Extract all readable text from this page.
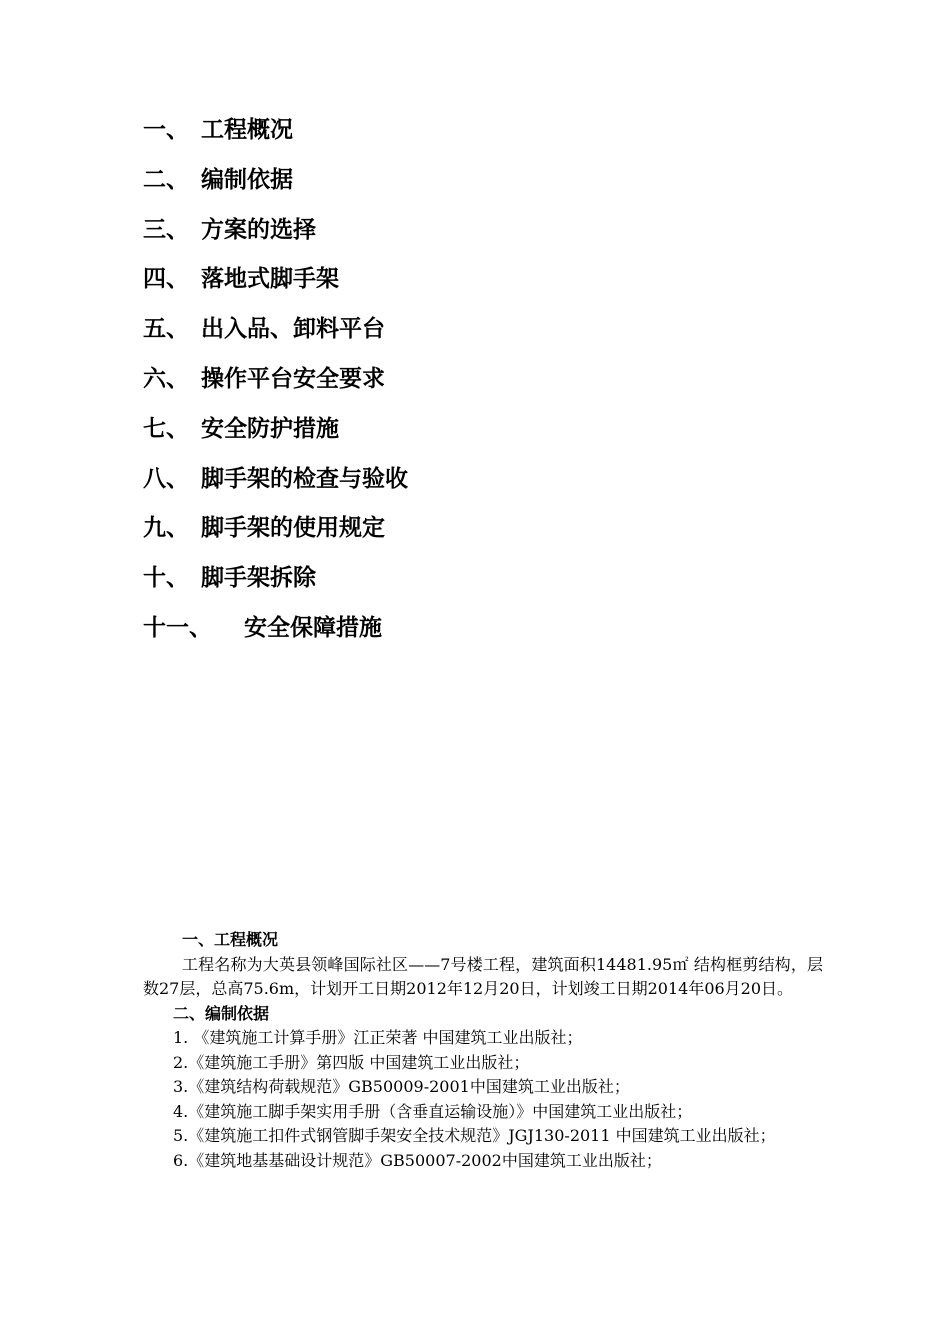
一、 工程概况
二、 编制依据
三、 方案的选择
四、 落地式脚手架
五、 出入品、卸料平台
六、 操作平台安全要求
七、 安全防护措施
八、 脚手架的检查与验收
九、 脚手架的使用规定
十、 脚手架拆除
十一、	安全保障措施
一、工程概况
工程名称为大英县领峰国际社区——7号楼工程，建筑面积14481.95㎡ 结构框剪结构，层数27层，总高75.6m，计划开工日期2012年12月20日，计划竣工日期2014年06月20日。
二、编制依据
1. 《建筑施工计算手册》江正荣著 中国建筑工业出版社；
2.《建筑施工手册》第四版 中国建筑工业出版社；
3.《建筑结构荷载规范》GB50009-2001中国建筑工业出版社；
4.《建筑施工脚手架实用手册（含垂直运输设施）》中国建筑工业出版社；
5.《建筑施工扣件式钢管脚手架安全技术规范》JGJ130-2011 中国建筑工业出版社；
6.《建筑地基基础设计规范》GB50007-2002中国建筑工业出版社；
